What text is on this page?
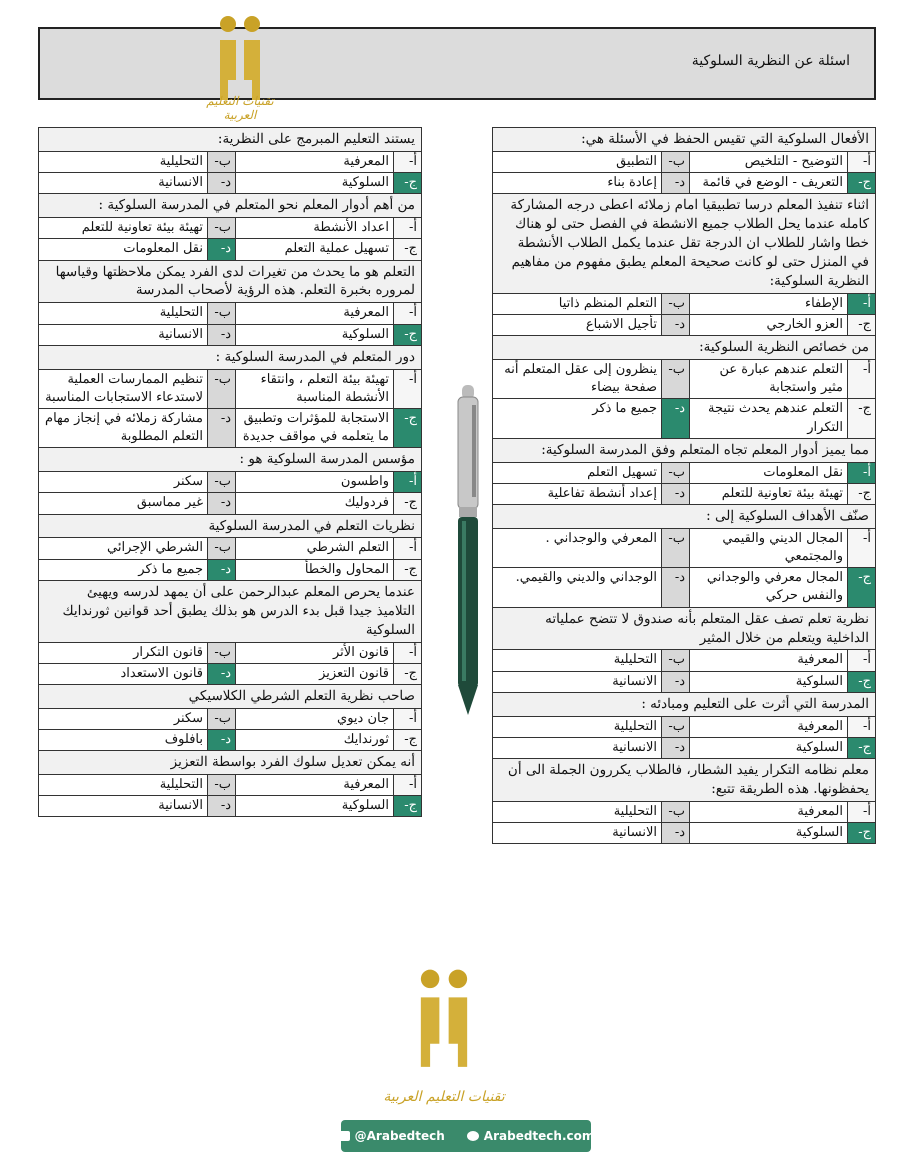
اسئلة عن النظرية السلوكية
تقنيات التعليم العربية
الأفعال السلوكية التي تقيس الحفظ في الأسئلة هي:			
أ-	التوضيح - التلخيص	ب-	التطبيق
ج-	التعريف - الوضع في قائمة	د-	إعادة بناء
اثناء تنفيذ المعلم درسا تطبيقيا امام زملائه اعطى درجه المشاركة كامله عندما يحل الطلاب جميع الانشطة في الفصل حتى لو هناك خطا واشار للطلاب ان الدرجة تقل عندما يكمل الطلاب الأنشطة في المنزل حتى لو كانت صحيحة المعلم يطبق مفهوم من مفاهيم النظرية السلوكية:			
أ-	الإطفاء	ب-	التعلم المنظم ذاتيا
ج-	العزو الخارجي	د-	تأجيل الاشباع
من خصائص النظرية السلوكية:			
أ-	التعلم عندهم عبارة عن مثير واستجابة	ب-	ينظرون إلى عقل المتعلم أنه صفحة بيضاء
ج-	التعلم عندهم يحدث نتيجة التكرار	د-	جميع ما ذكر
مما يميز أدوار المعلم تجاه المتعلم وفق المدرسة السلوكية:			
أ-	نقل المعلومات	ب-	تسهيل التعلم
ج-	تهيئة بيئة تعاونية للتعلم	د-	إعداد أنشطة تفاعلية
صنّف الأهداف السلوكية إلى :			
أ-	المجال الديني والقيمي والمجتمعي	ب-	المعرفي والوجداني .
ج-	المجال معرفي والوجداني والنفس حركي	د-	الوجداني والديني والقيمي.
نظرية تعلم تصف عقل المتعلم بأنه صندوق لا تتضح عملياته الداخلية ويتعلم من خلال المثير			
أ-	المعرفية	ب-	التحليلية
ج-	السلوكية	د-	الانسانية
المدرسة التي أثرت على التعليم ومبادئه :			
أ-	المعرفية	ب-	التحليلية
ج-	السلوكية	د-	الانسانية
معلم نظامه التكرار يفيد الشطار، فالطلاب يكررون الجملة الى أن يحفظونها. هذه الطريقة تتبع:			
أ-	المعرفية	ب-	التحليلية
ج-	السلوكية	د-	الانسانية
يستند التعليم المبرمج على النظرية:			
أ-	المعرفية	ب-	التحليلية
ج-	السلوكية	د-	الانسانية
من أهم أدوار المعلم نحو المتعلم في المدرسة السلوكية :			
أ-	اعداد الأنشطة	ب-	تهيئة بيئة تعاونية للتعلم
ج-	تسهيل عملية التعلم	د-	نقل المعلومات
التعلم هو ما يحدث من تغيرات لدى الفرد يمكن ملاحظتها وقياسها لمروره بخبرة التعلم. هذه الرؤية لأصحاب المدرسة			
أ-	المعرفية	ب-	التحليلية
ج-	السلوكية	د-	الانسانية
دور المتعلم في المدرسة السلوكية :			
أ-	تهيئة بيئة التعلم ، وانتقاء الأنشطة المناسبة	ب-	تنظيم الممارسات العملية لاستدعاء الاستجابات المناسبة
ج-	الاستجابة للمؤثرات وتطبيق ما يتعلمه في مواقف جديدة	د-	مشاركة زملائه في إنجاز مهام التعلم المطلوبة
مؤسس المدرسة السلوكية هو :			
أ-	واطسون	ب-	سكنر
ج-	فردوليك	د-	غير مماسبق
نظريات التعلم في المدرسة السلوكية			
أ-	التعلم الشرطي	ب-	الشرطي الإجرائي
ج-	المحاول والخطأ	د-	جميع ما ذكر
عندما يحرص المعلم عبدالرحمن على أن يمهد لدرسه ويهيئ التلاميذ جيدا قبل بدء الدرس هو بذلك يطبق أحد قوانين ثورندايك السلوكية			
أ-	قانون الأثر	ب-	قانون التكرار
ج-	قانون التعزيز	د-	قانون الاستعداد
صاحب نظرية التعلم الشرطي الكلاسيكي			
أ-	جان ديوي	ب-	سكنر
ج-	ثورندايك	د-	بافلوف
أنه يمكن تعديل سلوك الفرد بواسطة التعزيز			
أ-	المعرفية	ب-	التحليلية
ج-	السلوكية	د-	الانسانية
تقنيات التعليم العربية
@Arabedtech	Arabedtech.com
